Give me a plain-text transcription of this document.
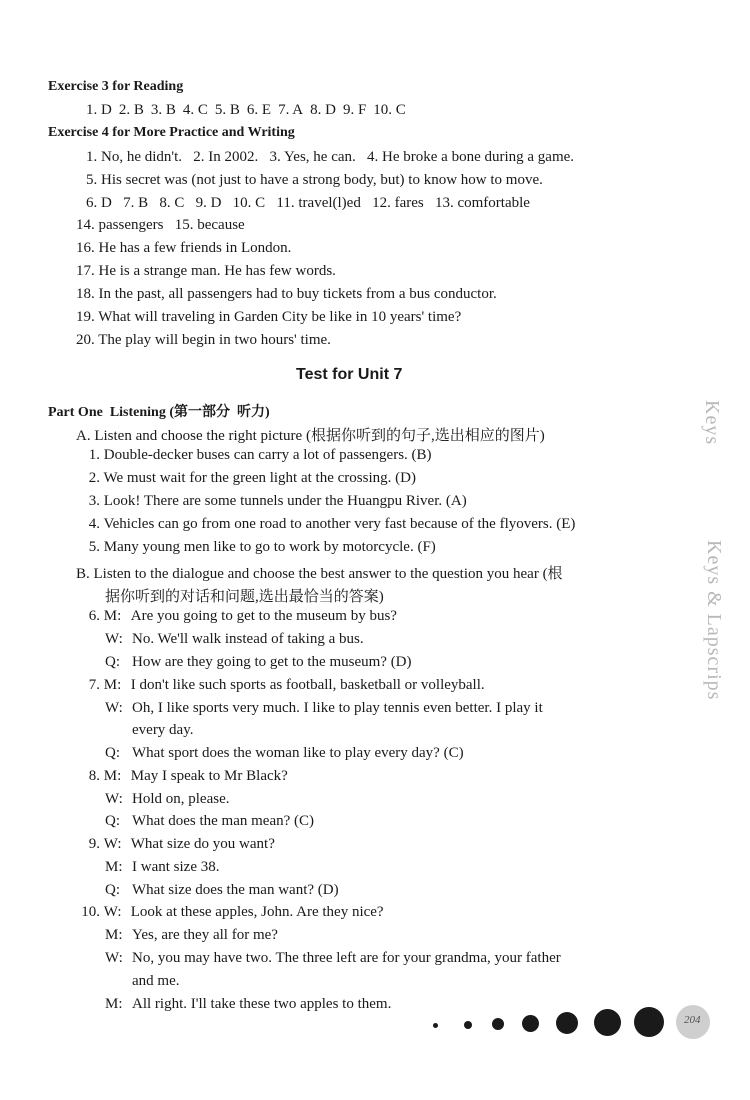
Exercise 3 for Reading
1. D 2. B 3. B 4. C 5. B 6. E 7. A 8. D 9. F 10. C
Exercise 4 for More Practice and Writing
1. No, he didn't.   2. In 2002.   3. Yes, he can.   4. He broke a bone during a game.
5. His secret was (not just to have a strong body, but) to know how to move.
6. D   7. B   8. C   9. D   10. C   11. travel(l)ed   12. fares   13. comfortable
14. passengers   15. because
16. He has a few friends in London.
17. He is a strange man. He has few words.
18. In the past, all passengers had to buy tickets from a bus conductor.
19. What will traveling in Garden City be like in 10 years' time?
20. The play will begin in two hours' time.
Test for Unit 7
Part One  Listening (第一部分  听力)
A. Listen and choose the right picture (根据你听到的句子,选出相应的图片)
1. Double-decker buses can carry a lot of passengers. (B)
2. We must wait for the green light at the crossing. (D)
3. Look! There are some tunnels under the Huangpu River. (A)
4. Vehicles can go from one road to another very fast because of the flyovers. (E)
5. Many young men like to go to work by motorcycle. (F)
B. Listen to the dialogue and choose the best answer to the question you hear (根
据你听到的对话和问题,选出最恰当的答案)
6. M: Are you going to get to the museum by bus?
W: No. We'll walk instead of taking a bus.
Q: How are they going to get to the museum? (D)
7. M: I don't like such sports as football, basketball or volleyball.
W: Oh, I like sports very much. I like to play tennis even better. I play it
every day.
Q: What sport does the woman like to play every day? (C)
8. M: May I speak to Mr Black?
W: Hold on, please.
Q: What does the man mean? (C)
9. W: What size do you want?
M: I want size 38.
Q: What size does the man want? (D)
10. W: Look at these apples, John. Are they nice?
M: Yes, are they all for me?
W: No, you may have two. The three left are for your grandma, your father
and me.
M: All right. I'll take these two apples to them.
Keys
Keys & Lapscrips
204
